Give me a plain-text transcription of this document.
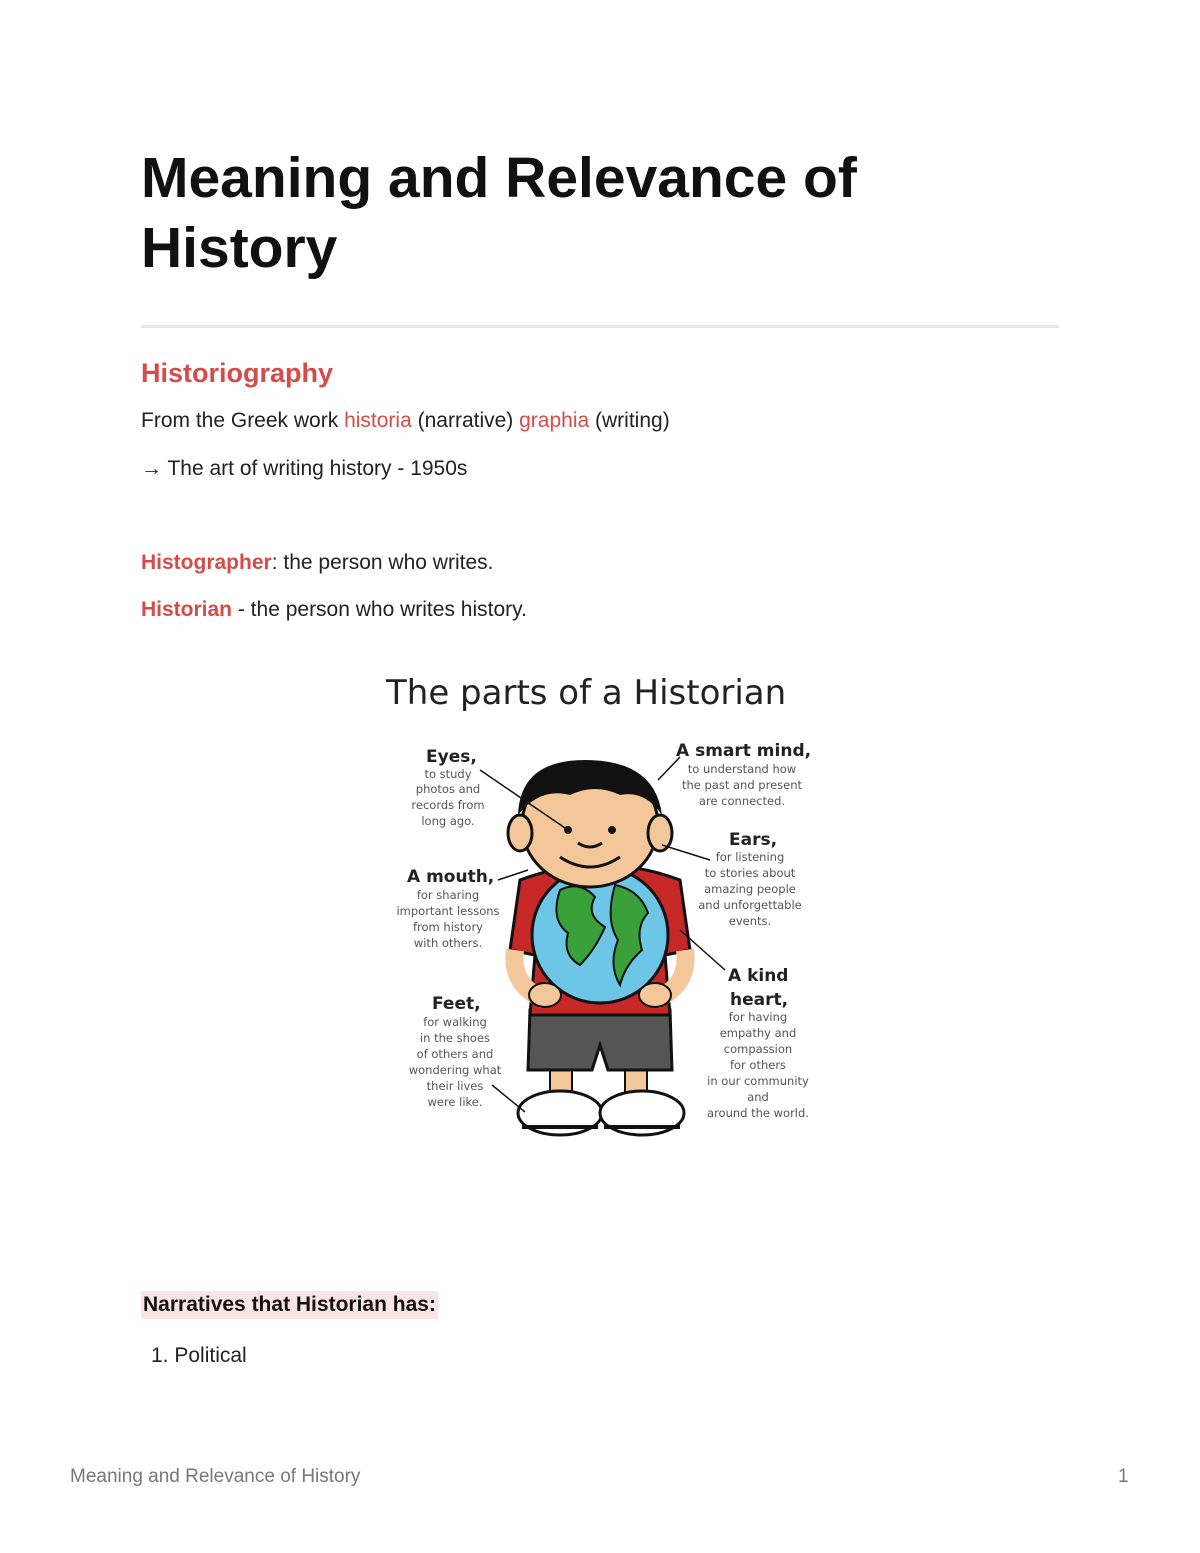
Meaning and Relevance of
History
Historiography

From the Greek work historia (narrative) graphia (writing)

→ The art of writing history - 1950s

Histographer: the person who writes.

Historian - the person who writes history.

The parts of a Historian
Eyes,
to study
photos and
records from
long ago.
A smart mind,
to understand how
the past and present
are connected.
Ears,
for listening
to stories about
amazing people
and unforgettable
events.
A mouth,
for sharing
important lessons
from history
with others.
A kind
heart,
for having
empathy and
compassion
for others
in our community
and
around the world.
Feet,
for walking
in the shoes
of others and
wondering what
their lives
were like.
Narratives that Historian has:
1. Political
Meaning and Relevance of History	1
